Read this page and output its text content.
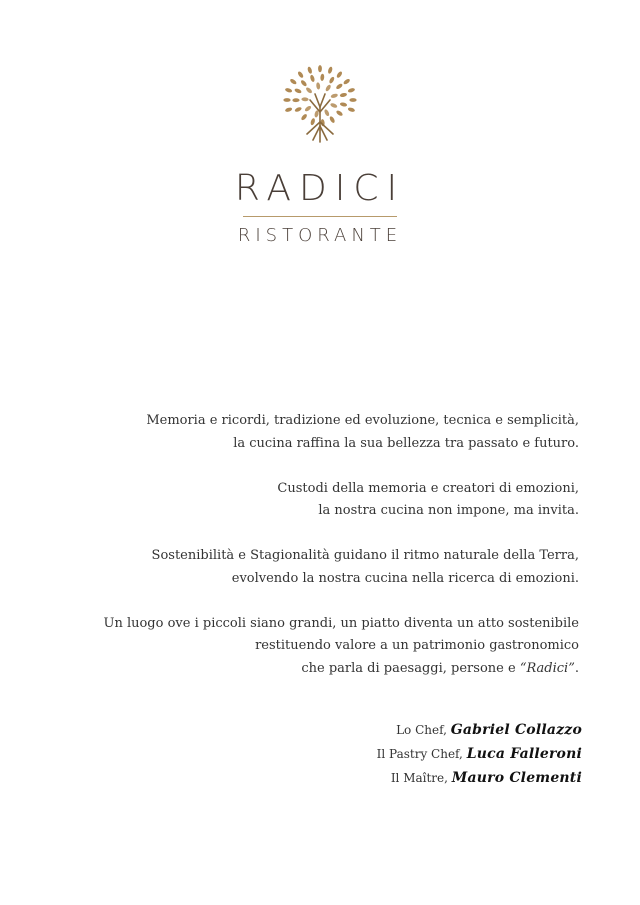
RADICI
RISTORANTE

Memoria e ricordi, tradizione ed evoluzione, tecnica e semplicità,
la cucina raffina la sua bellezza tra passato e futuro.

Custodi della memoria e creatori di emozioni,
la nostra cucina non impone, ma invita.

Sostenibilità e Stagionalità guidano il ritmo naturale della Terra,
evolvendo la nostra cucina nella ricerca di emozioni.

Un luogo ove i piccoli siano grandi, un piatto diventa un atto sostenibile
restituendo valore a un patrimonio gastronomico
che parla di paesaggi, persone e “Radici”.

Lo Chef, Gabriel Collazzo
Il Pastry Chef, Luca Falleroni
Il Maître, Mauro Clementi
